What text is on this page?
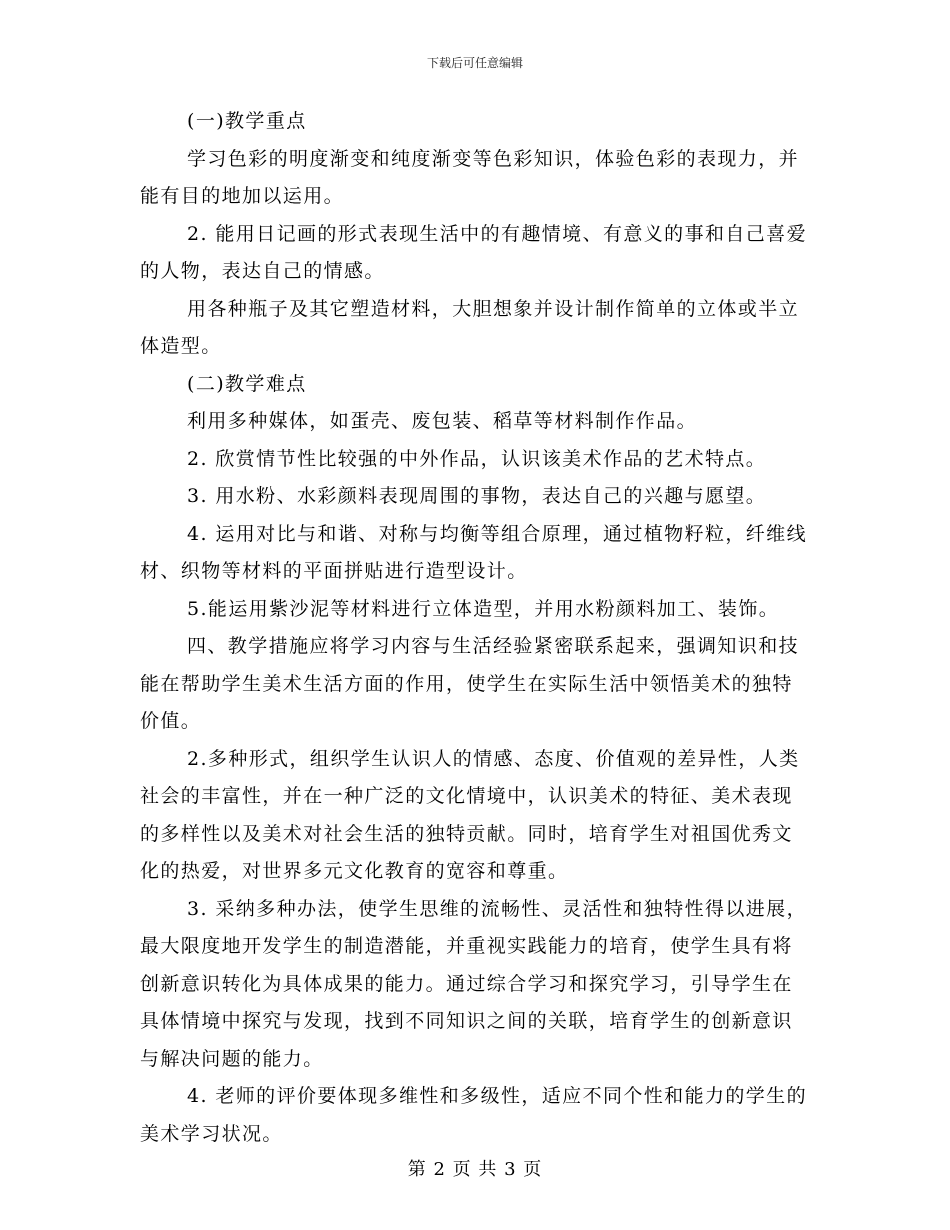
下载后可任意编辑

(一)教学重点

学习色彩的明度渐变和纯度渐变等色彩知识，体验色彩的表现力，并能有目的地加以运用。

2. 能用日记画的形式表现生活中的有趣情境、有意义的事和自己喜爱的人物，表达自己的情感。

用各种瓶子及其它塑造材料，大胆想象并设计制作简单的立体或半立体造型。

(二)教学难点

利用多种媒体，如蛋壳、废包装、稻草等材料制作作品。

2. 欣赏情节性比较强的中外作品，认识该美术作品的艺术特点。

3. 用水粉、水彩颜料表现周围的事物，表达自己的兴趣与愿望。

4. 运用对比与和谐、对称与均衡等组合原理，通过植物籽粒，纤维线材、织物等材料的平面拼贴进行造型设计。

5.能运用紫沙泥等材料进行立体造型，并用水粉颜料加工、装饰。

四、教学措施应将学习内容与生活经验紧密联系起来，强调知识和技能在帮助学生美术生活方面的作用，使学生在实际生活中领悟美术的独特价值。

2.多种形式，组织学生认识人的情感、态度、价值观的差异性，人类社会的丰富性，并在一种广泛的文化情境中，认识美术的特征、美术表现的多样性以及美术对社会生活的独特贡献。同时，培育学生对祖国优秀文化的热爱，对世界多元文化教育的宽容和尊重。

3. 采纳多种办法，使学生思维的流畅性、灵活性和独特性得以进展，最大限度地开发学生的制造潜能，并重视实践能力的培育，使学生具有将创新意识转化为具体成果的能力。通过综合学习和探究学习，引导学生在具体情境中探究与发现，找到不同知识之间的关联，培育学生的创新意识与解决问题的能力。

4. 老师的评价要体现多维性和多级性，适应不同个性和能力的学生的美术学习状况。

第 2 页 共 3 页
